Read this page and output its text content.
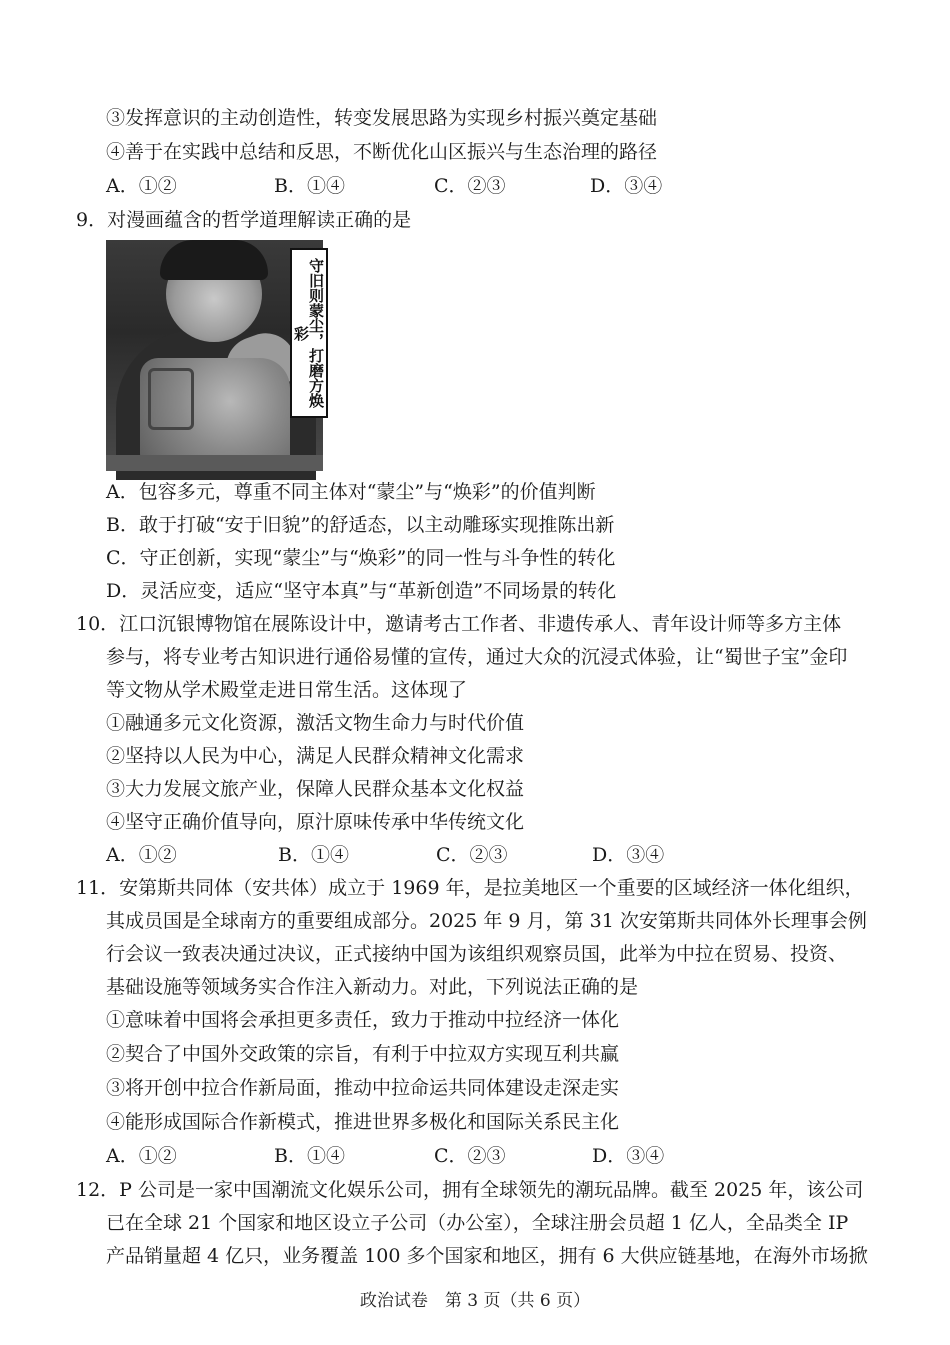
③发挥意识的主动创造性，转变发展思路为实现乡村振兴奠定基础
④善于在实践中总结和反思，不断优化山区振兴与生态治理的路径
A．①②	B．①④	C．②③	D．③④
9．对漫画蕴含的哲学道理解读正确的是
守旧则蒙尘，打磨方焕彩
A．包容多元，尊重不同主体对“蒙尘”与“焕彩”的价值判断
B．敢于打破“安于旧貌”的舒适态，以主动雕琢实现推陈出新
C．守正创新，实现“蒙尘”与“焕彩”的同一性与斗争性的转化
D．灵活应变，适应“坚守本真”与“革新创造”不同场景的转化
10．江口沉银博物馆在展陈设计中，邀请考古工作者、非遗传承人、青年设计师等多方主体
参与，将专业考古知识进行通俗易懂的宣传，通过大众的沉浸式体验，让“蜀世子宝”金印
等文物从学术殿堂走进日常生活。这体现了
①融通多元文化资源，激活文物生命力与时代价值
②坚持以人民为中心，满足人民群众精神文化需求
③大力发展文旅产业，保障人民群众基本文化权益
④坚守正确价值导向，原汁原味传承中华传统文化
A．①②	B．①④	C．②③	D．③④
11．安第斯共同体（安共体）成立于 1969 年，是拉美地区一个重要的区域经济一体化组织，
其成员国是全球南方的重要组成部分。2025 年 9 月，第 31 次安第斯共同体外长理事会例
行会议一致表决通过决议，正式接纳中国为该组织观察员国，此举为中拉在贸易、投资、
基础设施等领域务实合作注入新动力。对此，下列说法正确的是
①意味着中国将会承担更多责任，致力于推动中拉经济一体化
②契合了中国外交政策的宗旨，有利于中拉双方实现互利共赢
③将开创中拉合作新局面，推动中拉命运共同体建设走深走实
④能形成国际合作新模式，推进世界多极化和国际关系民主化
A．①②	B．①④	C．②③	D．③④
12．P 公司是一家中国潮流文化娱乐公司，拥有全球领先的潮玩品牌。截至 2025 年，该公司
已在全球 21 个国家和地区设立子公司（办公室），全球注册会员超 1 亿人，全品类全 IP
产品销量超 4 亿只，业务覆盖 100 多个国家和地区，拥有 6 大供应链基地，在海外市场掀
政治试卷　第 3 页（共 6 页）
